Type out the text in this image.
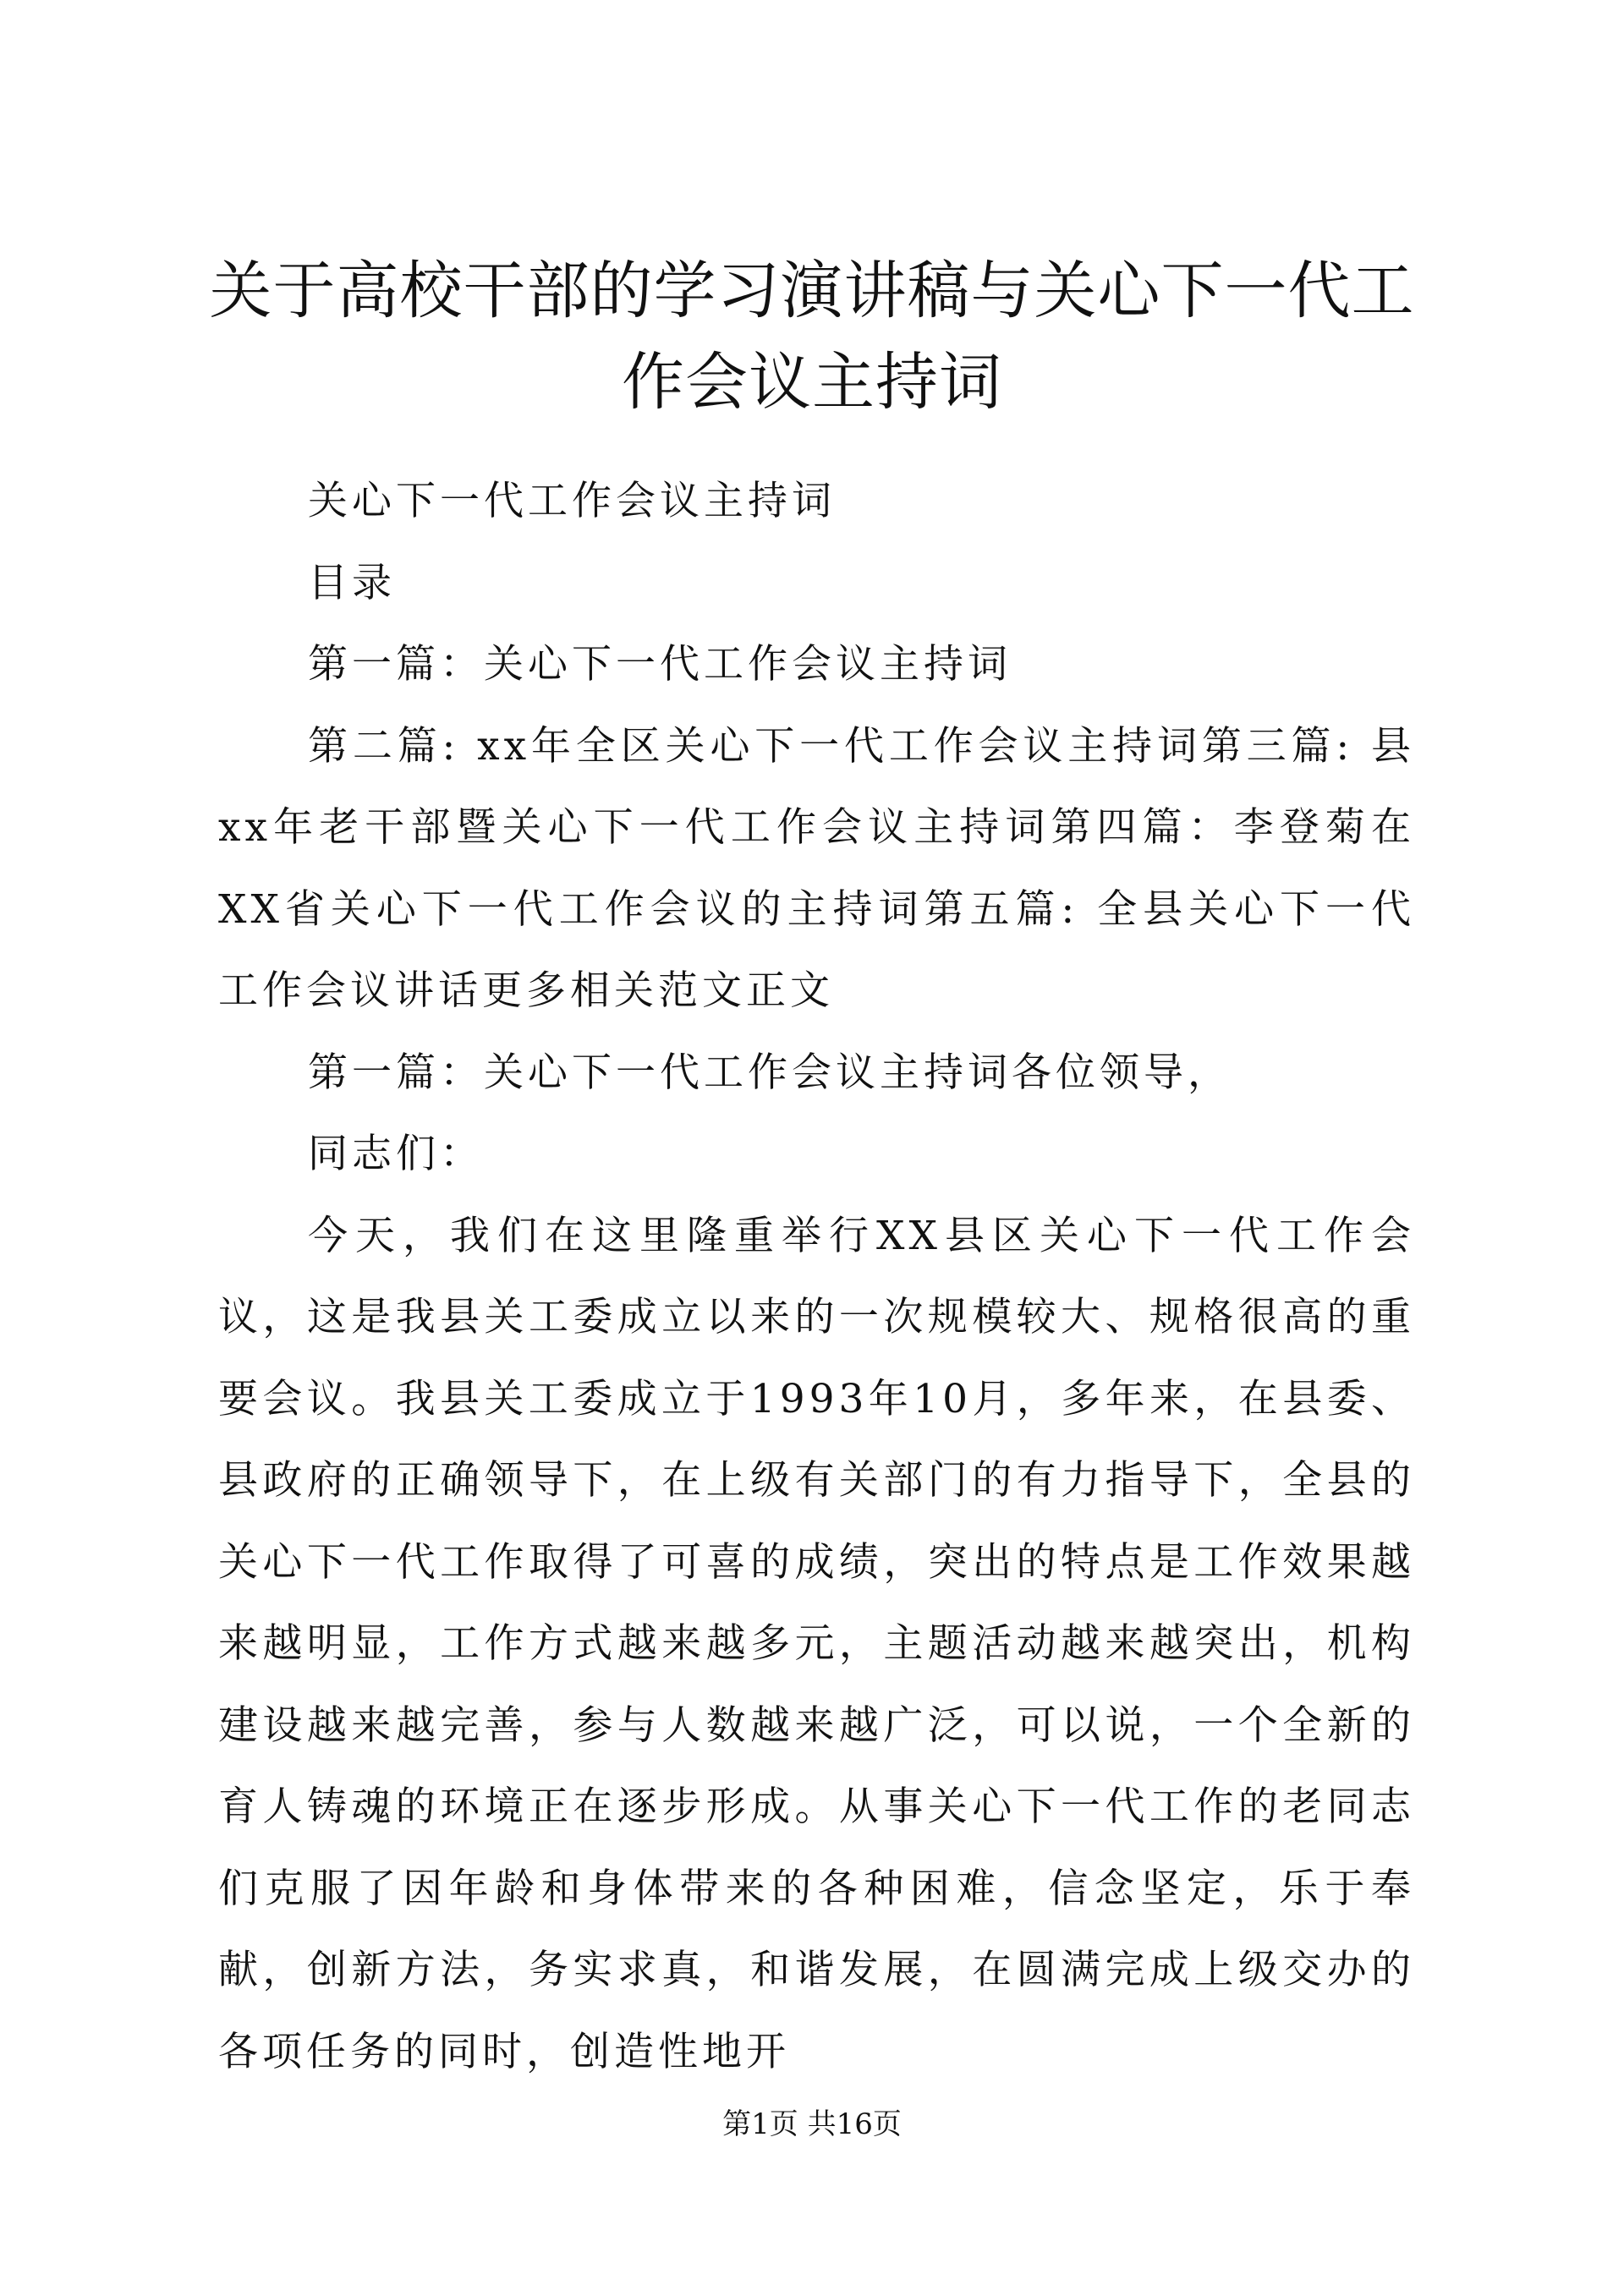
关于高校干部的学习演讲稿与关心下一代工作会议主持词

关心下一代工作会议主持词

目录

第一篇：关心下一代工作会议主持词

第二篇: xx年全区关心下一代工作会议主持词第三篇: 县xx年老干部暨关心下一代工作会议主持词第四篇：李登菊在XX省关心下一代工作会议的主持词第五篇: 全县关心下一代工作会议讲话更多相关范文正文

第一篇：关心下一代工作会议主持词各位领导，

同志们：

今天，我们在这里隆重举行XX县区关心下一代工作会议，这是我县关工委成立以来的一次规模较大、规格很高的重要会议。我县关工委成立于1993年10月，多年来，在县委、县政府的正确领导下，在上级有关部门的有力指导下，全县的关心下一代工作取得了可喜的成绩，突出的特点是工作效果越来越明显，工作方式越来越多元，主题活动越来越突出，机构建设越来越完善，参与人数越来越广泛，可以说，一个全新的育人铸魂的环境正在逐步形成。从事关心下一代工作的老同志们克服了因年龄和身体带来的各种困难，信念坚定，乐于奉献，创新方法，务实求真，和谐发展，在圆满完成上级交办的各项任务的同时，创造性地开

第1页 共16页
